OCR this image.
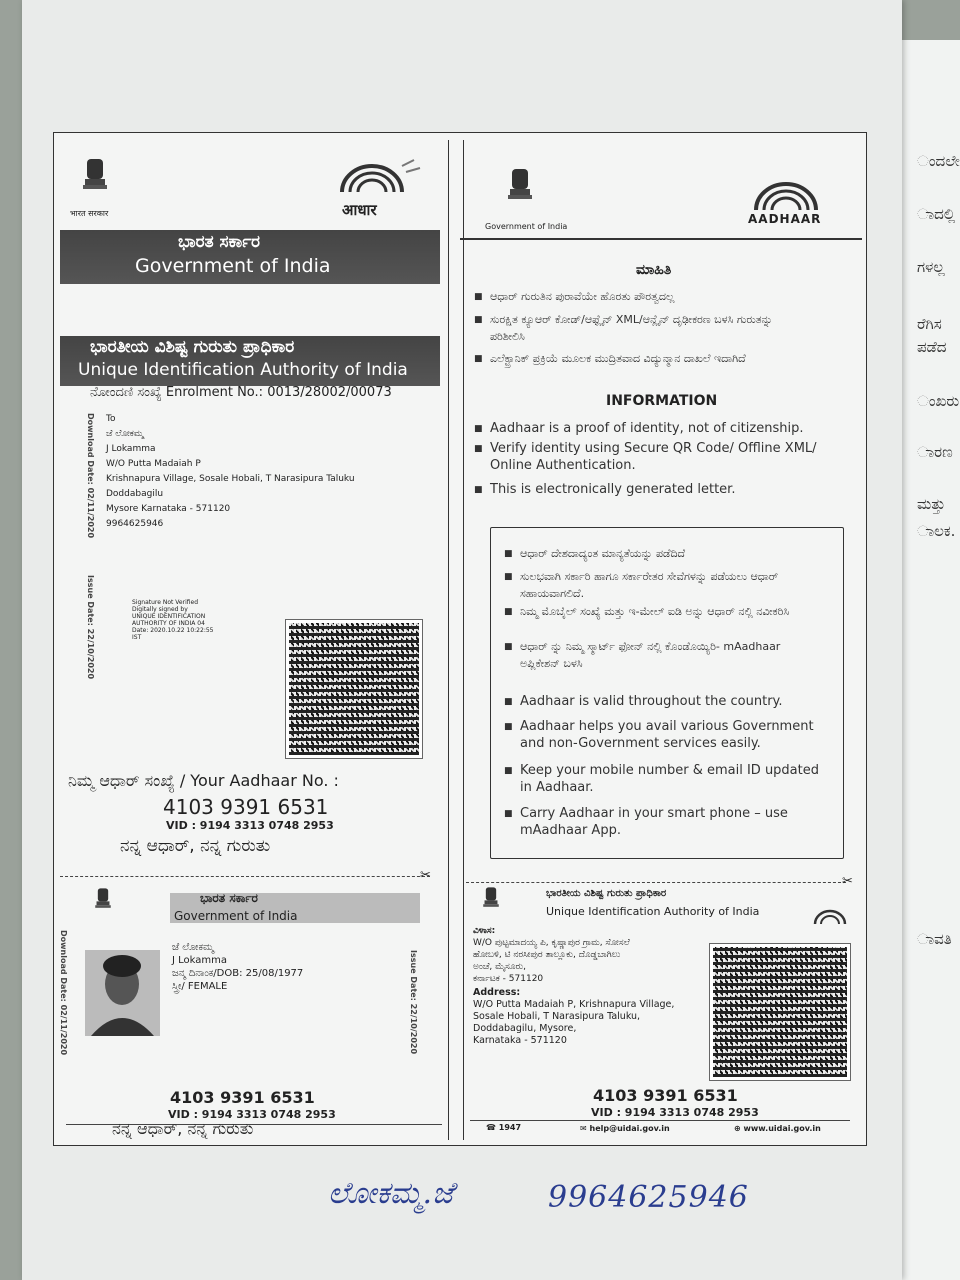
ಂದಲೇ
ಾದಲ್ಲಿ
ಗಳಲ್ಲ
ರೆಗಿಸ
ಪಡೆದ
ಂಖರು
ಾರಣ
ಮತ್ತು
ಾಲಕ.
ಾವತಿ
भारत सरकार	आधार
ಭಾರತ ಸರ್ಕಾರ
Government of India
ಭಾರತೀಯ ವಿಶಿಷ್ಟ ಗುರುತು ಪ್ರಾಧಿಕಾರ
Unique Identification Authority of India
ನೋಂದಣಿ ಸಂಖ್ಯೆ Enrolment No.: 0013/28002/00073
Download Date: 02/11/2020
Issue Date: 22/10/2020
To
ಜೆ ಲೋಕಮ್ಮ
J Lokamma
W/O Putta Madaiah P
Krishnapura Village, Sosale Hobali, T Narasipura Taluku
Doddabagilu
Mysore Karnataka - 571120
9964625946
Signature Not Verified
Digitally signed by
UNIQUE IDENTIFICATION
AUTHORITY OF INDIA 04
Date: 2020.10.22 10:22:55
IST
ನಿಮ್ಮ ಆಧಾರ್ ಸಂಖ್ಯೆ / Your Aadhaar No. :
4103 9391 6531
VID : 9194 3313 0748 2953
ನನ್ನ ಆಧಾರ್, ನನ್ನ ಗುರುತು
Government of India
AADHAAR
ಮಾಹಿತಿ
■ ಆಧಾರ್ ಗುರುತಿನ ಪುರಾವೆಯೇ ಹೊರತು ಪೌರತ್ವದಲ್ಲ
■ ಸುರಕ್ಷಿತ ಕ್ಯೂಆರ್ ಕೋಡ್/ಆಫ್ಲೈನ್ XML/ಆನ್ಲೈನ್ ದೃಢೀಕರಣ ಬಳಸಿ ಗುರುತನ್ನು ಪರಿಶೀಲಿಸಿ
■ ಎಲೆಕ್ಟ್ರಾನಿಕ್ ಪ್ರಕ್ರಿಯೆ ಮೂಲಕ ಮುದ್ರಿತವಾದ ವಿದ್ಯುನ್ಮಾನ ದಾಖಲೆ ಇದಾಗಿದೆ
INFORMATION
■ Aadhaar is a proof of identity, not of citizenship.
■ Verify identity using Secure QR Code/ Offline XML/ Online Authentication.
■ This is electronically generated letter.
■ ಆಧಾರ್ ದೇಶದಾದ್ಯಂತ ಮಾನ್ಯತೆಯನ್ನು ಪಡೆದಿದೆ
■ ಸುಲಭವಾಗಿ ಸರ್ಕಾರಿ ಹಾಗೂ ಸರ್ಕಾರೇತರ ಸೇವೆಗಳನ್ನು ಪಡೆಯಲು ಆಧಾರ್ ಸಹಾಯವಾಗಲಿದೆ.
■ ನಿಮ್ಮ ಮೊಬೈಲ್ ಸಂಖ್ಯೆ ಮತ್ತು ಇ-ಮೇಲ್ ಐಡಿ ಅನ್ನು ಆಧಾರ್ ನಲ್ಲಿ ನವೀಕರಿಸಿ
■ ಆಧಾರ್ ನ್ನು ನಿಮ್ಮ ಸ್ಮಾರ್ಟ್ ಫೋನ್ ನಲ್ಲಿ ಕೊಂಡೊಯ್ಯಿರಿ- mAadhaar ಅಪ್ಲಿಕೇಶನ್ ಬಳಸಿ
■ Aadhaar is valid throughout the country.
■ Aadhaar helps you avail various Government and non-Government services easily.
■ Keep your mobile number & email ID updated in Aadhaar.
■ Carry Aadhaar in your smart phone – use mAadhaar App.
✂	✂
ಭಾರತ ಸರ್ಕಾರ
Government of India
Download Date: 02/11/2020	Issue Date: 22/10/2020
ಜೆ ಲೋಕಮ್ಮ
J Lokamma
ಜನ್ಮ ದಿನಾಂಕ/DOB: 25/08/1977
ಸ್ತ್ರೀ/ FEMALE
4103 9391 6531
VID : 9194 3313 0748 2953
ನನ್ನ ಆಧಾರ್, ನನ್ನ ಗುರುತು
ಭಾರತೀಯ ವಿಶಿಷ್ಟ ಗುರುತು ಪ್ರಾಧಿಕಾರ
Unique Identification Authority of India
ವಿಳಾಸ:
W/O ಪುಟ್ಟಮಾದಯ್ಯ ಪಿ, ಕೃಷ್ಣಾಪುರ ಗ್ರಾಮ, ಸೋಸಲೆ
ಹೋಬಳಿ, ಟಿ ನರಸೀಪುರ ತಾಲ್ಲೂಕು, ದೊಡ್ಡಬಾಗಿಲು
ಅಂಚೆ, ಮೈಸೂರು,
ಕರ್ನಾಟಕ - 571120
Address:
W/O Putta Madaiah P, Krishnapura Village,
Sosale Hobali, T Narasipura Taluku,
Doddabagilu, Mysore,
Karnataka - 571120
4103 9391 6531
VID : 9194 3313 0748 2953
☎ 1947	✉ help@uidai.gov.in	⊕ www.uidai.gov.in
ಲೋಕಮ್ಮ.ಜೆ	9964625946
